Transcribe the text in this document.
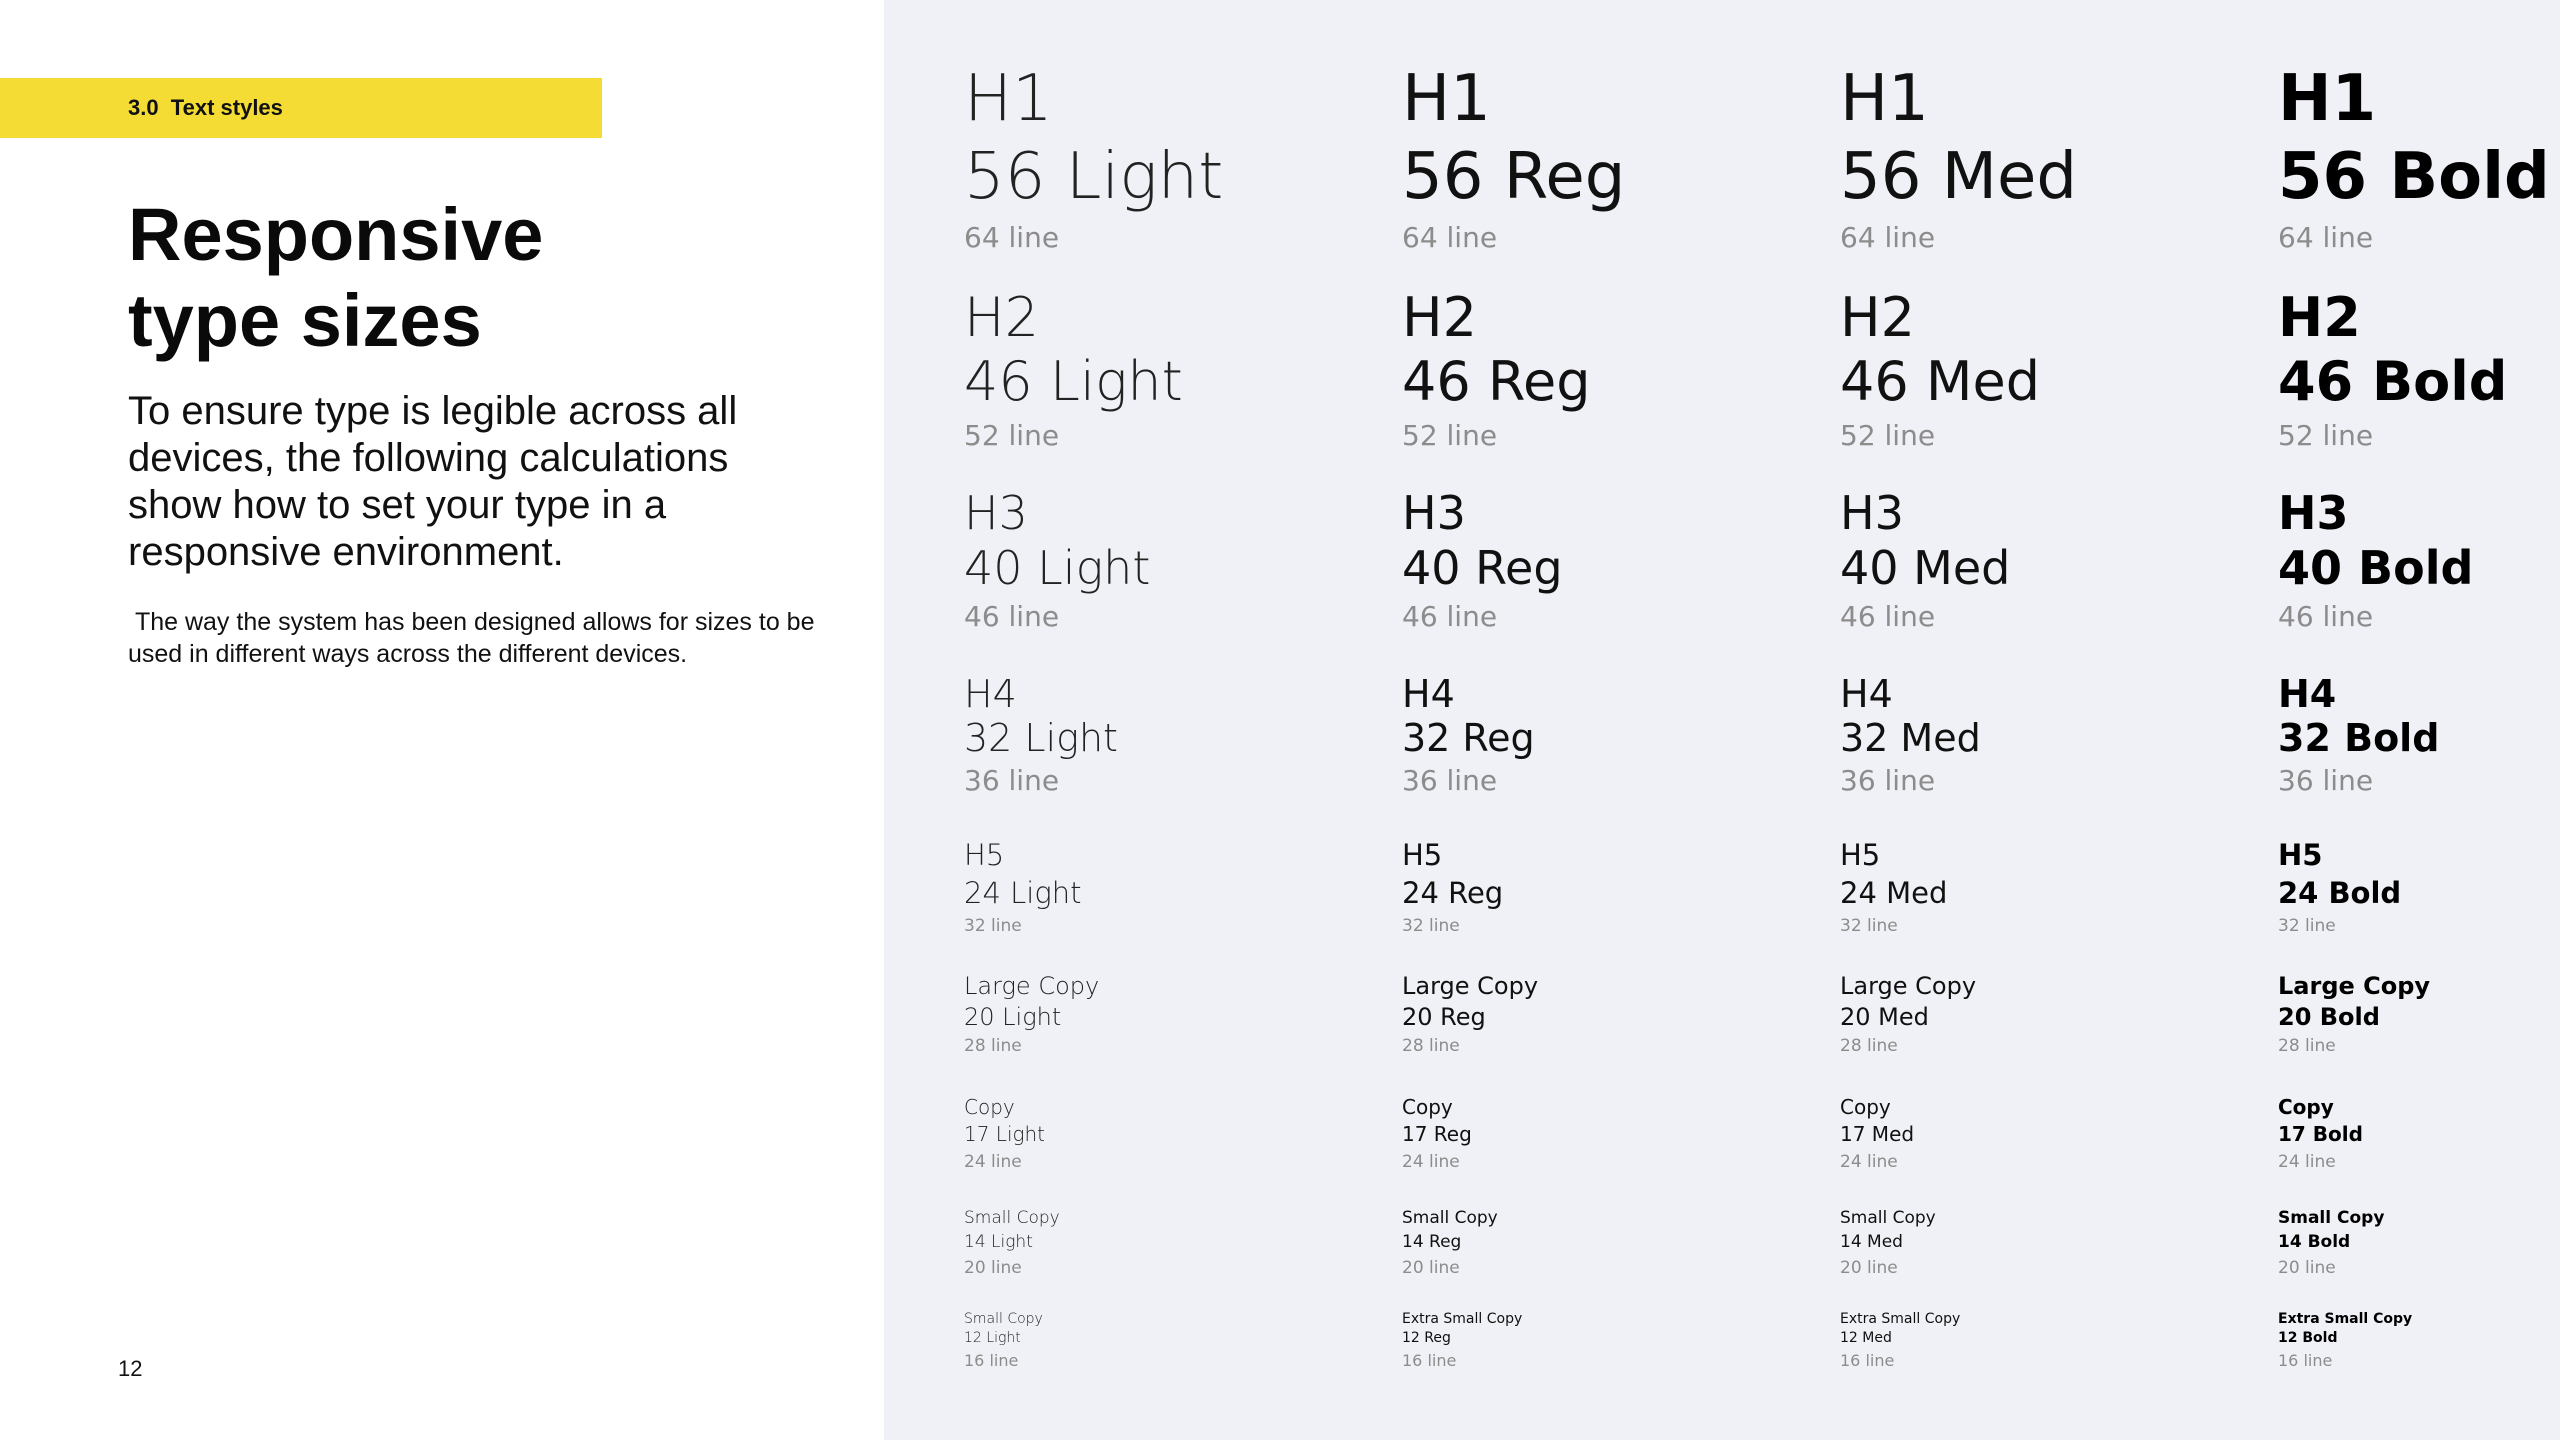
3.0  Text styles
Responsive
type sizes

To ensure type is legible across all devices, the following calculations show how to set your type in a responsive environment.

The way the system has been designed allows for sizes to be used in different ways across the different devices.

12
H1
56 Light
64 line
H2
46 Light
52 line
H3
40 Light
46 line
H4
32 Light
36 line
H5
24 Light
32 line
Large Copy
20 Light
28 line
Copy
17 Light
24 line
Small Copy
14 Light
20 line
Small Copy
12 Light
16 line
H1
56 Reg
64 line
H2
46 Reg
52 line
H3
40 Reg
46 line
H4
32 Reg
36 line
H5
24 Reg
32 line
Large Copy
20 Reg
28 line
Copy
17 Reg
24 line
Small Copy
14 Reg
20 line
Extra Small Copy
12 Reg
16 line
H1
56 Med
64 line
H2
46 Med
52 line
H3
40 Med
46 line
H4
32 Med
36 line
H5
24 Med
32 line
Large Copy
20 Med
28 line
Copy
17 Med
24 line
Small Copy
14 Med
20 line
Extra Small Copy
12 Med
16 line
H1
56 Bold
64 line
H2
46 Bold
52 line
H3
40 Bold
46 line
H4
32 Bold
36 line
H5
24 Bold
32 line
Large Copy
20 Bold
28 line
Copy
17 Bold
24 line
Small Copy
14 Bold
20 line
Extra Small Copy
12 Bold
16 line
